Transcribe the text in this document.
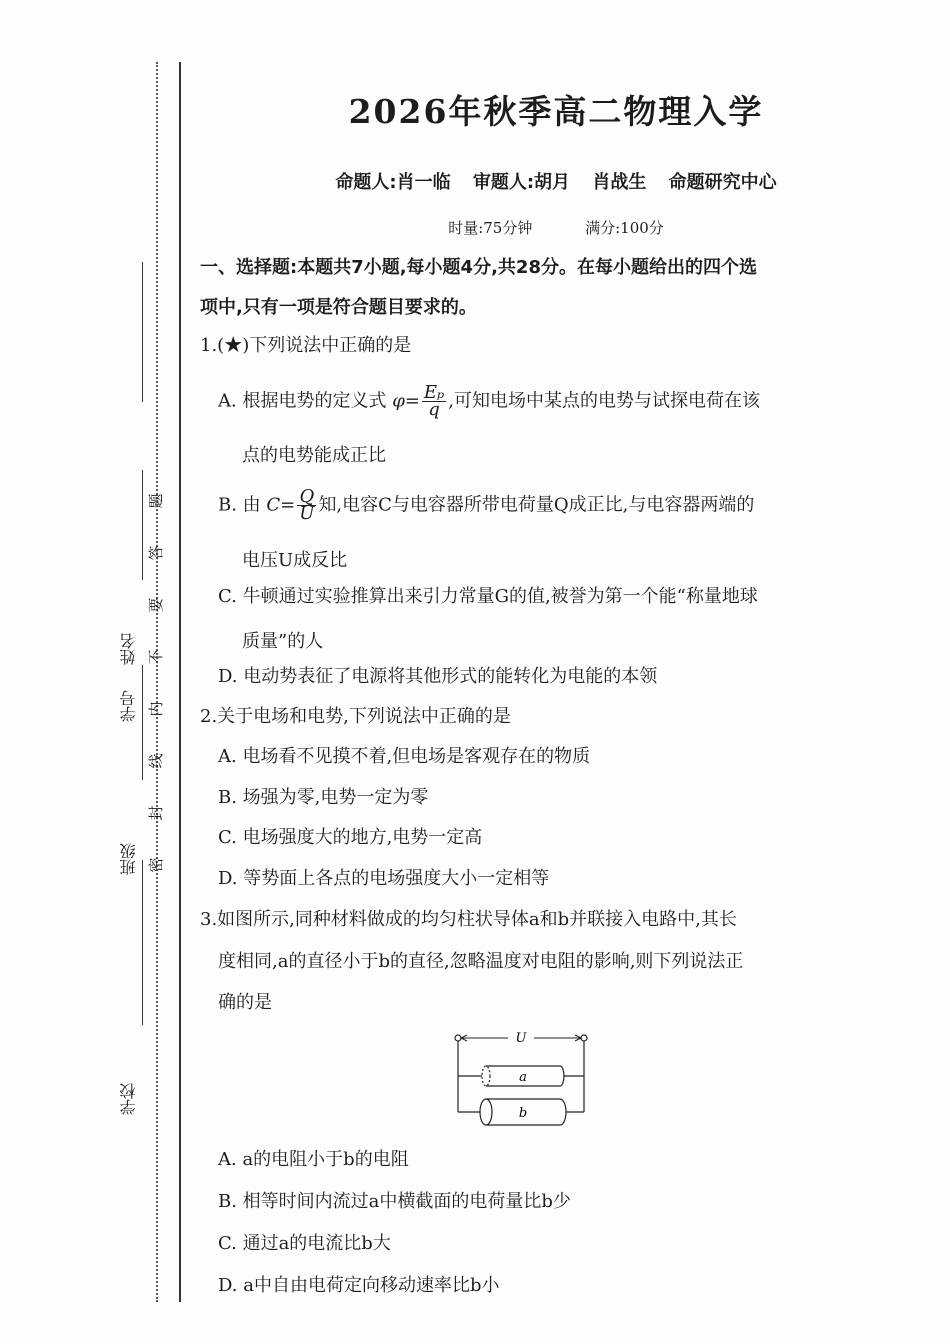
学号
姓名
班级
学校
题
答
要
不
内
线
封
密
2026年秋季高二物理入学
命题人:肖一临 审题人:胡月 肖战生 命题研究中心
时量:75分钟	满分:100分
一、选择题:本题共7小题,每小题4分,共28分。在每小题给出的四个选
项中,只有一项是符合题目要求的。
1.(★)下列说法中正确的是
A. 根据电势的定义式 $\varphi= \frac{\text{Eₚ}}{q}$ ,可知电场中某点的电势与试探电荷在该
点的电势能成正比
B. 由 $C= \frac{Q}{U}$ 知,电容C与电容器所带电荷量Q成正比,与电容器两端的
电压U成反比
C. 牛顿通过实验推算出来引力常量G的值,被誉为第一个能“称量地球
质量”的人
D. 电动势表征了电源将其他形式的能转化为电能的本领
2.关于电场和电势,下列说法中正确的是
A. 电场看不见摸不着,但电场是客观存在的物质
B. 场强为零,电势一定为零
C. 电场强度大的地方,电势一定高
D. 等势面上各点的电场强度大小一定相等
3.如图所示,同种材料做成的均匀柱状导体a和b并联接入电路中,其长
度相同,a的直径小于b的直径,忽略温度对电阻的影响,则下列说法正
确的是
U
a
b
A. a的电阻小于b的电阻
B. 相等时间内流过a中横截面的电荷量比b少
C. 通过a的电流比b大
D. a中自由电荷定向移动速率比b小
